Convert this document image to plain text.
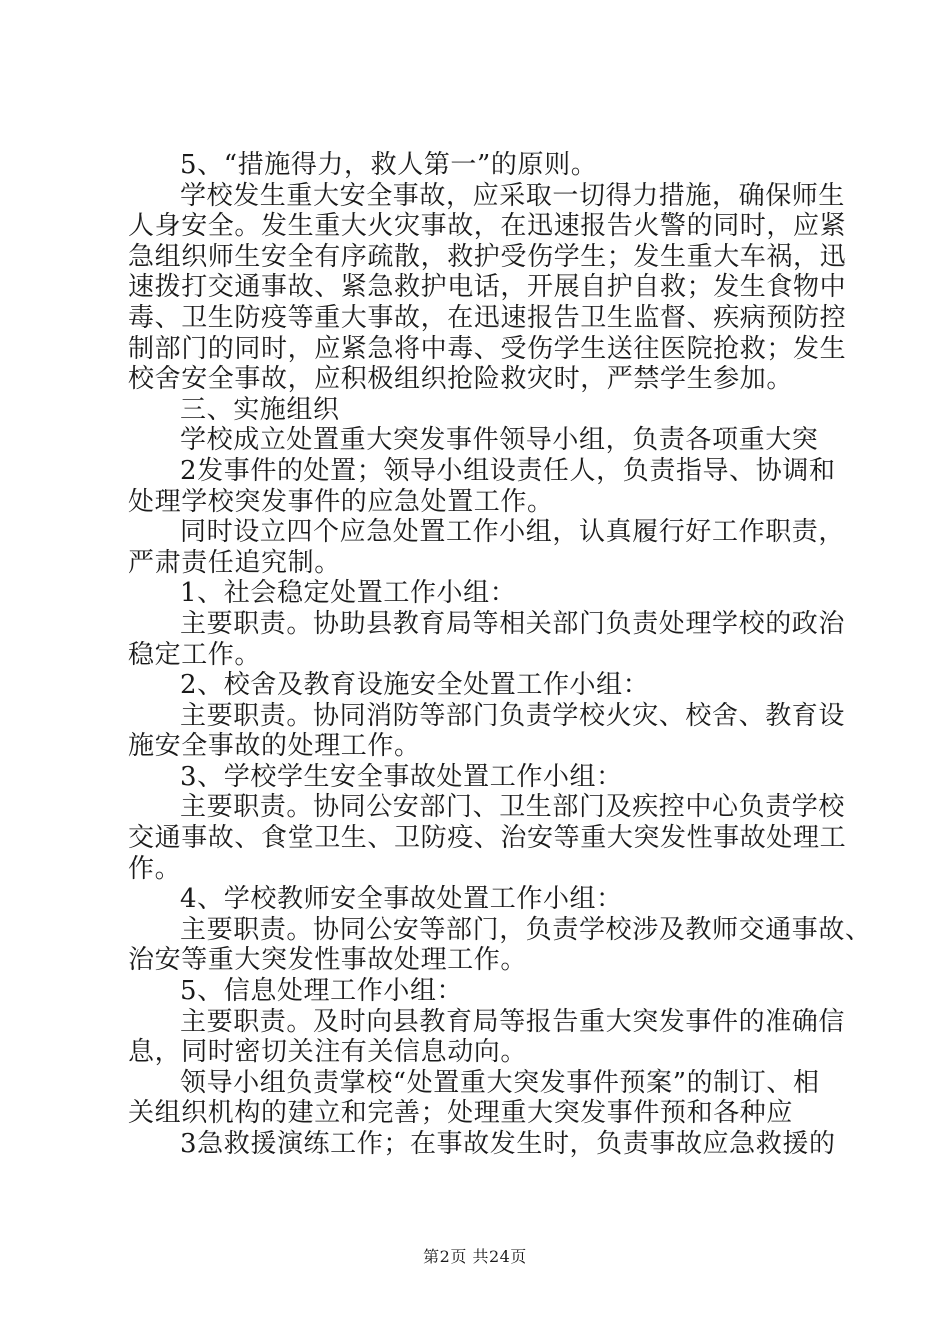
5、“措施得力，救人第一”的原则。
学校发生重大安全事故，应采取一切得力措施，确保师生
人身安全。发生重大火灾事故，在迅速报告火警的同时，应紧
急组织师生安全有序疏散，救护受伤学生；发生重大车祸，迅
速拨打交通事故、紧急救护电话，开展自护自救；发生食物中
毒、卫生防疫等重大事故，在迅速报告卫生监督、疾病预防控
制部门的同时，应紧急将中毒、受伤学生送往医院抢救；发生
校舍安全事故，应积极组织抢险救灾时，严禁学生参加。
三、实施组织
学校成立处置重大突发事件领导小组，负责各项重大突
2发事件的处置；领导小组设责任人，负责指导、协调和
处理学校突发事件的应急处置工作。
同时设立四个应急处置工作小组，认真履行好工作职责，
严肃责任追究制。
1、社会稳定处置工作小组：
主要职责。协助县教育局等相关部门负责处理学校的政治
稳定工作。
2、校舍及教育设施安全处置工作小组：
主要职责。协同消防等部门负责学校火灾、校舍、教育设
施安全事故的处理工作。
3、学校学生安全事故处置工作小组：
主要职责。协同公安部门、卫生部门及疾控中心负责学校
交通事故、食堂卫生、卫防疫、治安等重大突发性事故处理工
作。
4、学校教师安全事故处置工作小组：
主要职责。协同公安等部门，负责学校涉及教师交通事故、
治安等重大突发性事故处理工作。
5、信息处理工作小组：
主要职责。及时向县教育局等报告重大突发事件的准确信
息，同时密切关注有关信息动向。
领导小组负责掌校“处置重大突发事件预案”的制订、相
关组织机构的建立和完善；处理重大突发事件预和各种应
3急救援演练工作；在事故发生时，负责事故应急救援的
第2页 共24页
